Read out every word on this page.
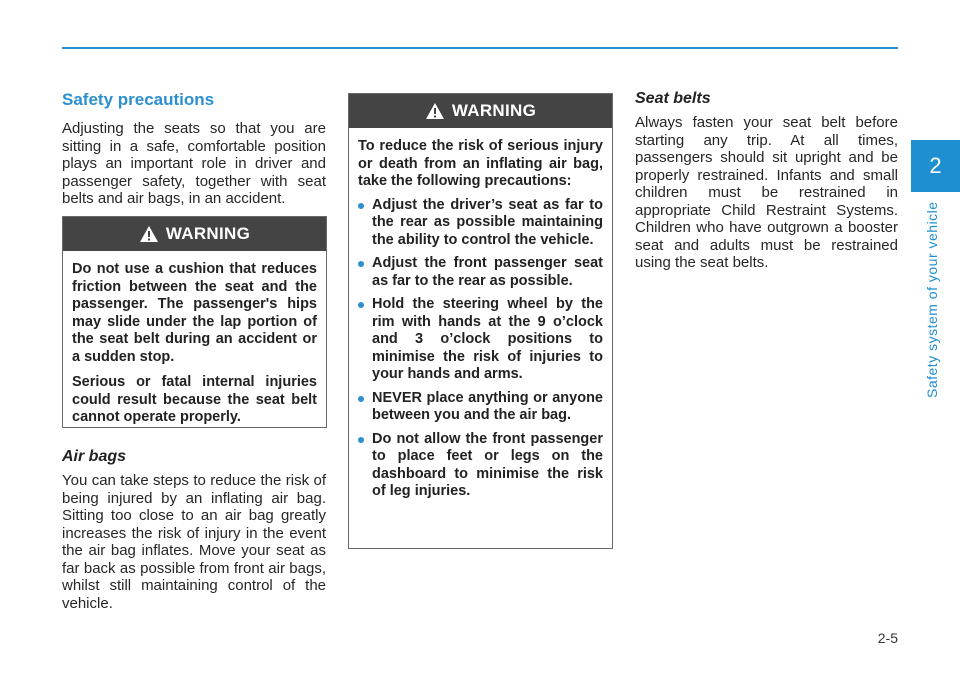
Safety precautions

Adjusting the seats so that you are sitting in a safe, comfortable position plays an important role in driver and passenger safety, together with seat belts and air bags, in an accident.

WARNING

Do not use a cushion that reduces friction between the seat and the passenger. The passenger's hips may slide under the lap portion of the seat belt during an accident or a sudden stop.

Serious or fatal internal injuries could result because the seat belt cannot operate properly.

Air bags

You can take steps to reduce the risk of being injured by an inflating air bag. Sitting too close to an air bag greatly increases the risk of injury in the event the air bag inflates. Move your seat as far back as possible from front air bags, whilst still maintaining control of the vehicle.

WARNING

To reduce the risk of serious injury or death from an inflating air bag, take the following precautions:

Adjust the driver’s seat as far to the rear as possible maintaining the ability to control the vehicle.
Adjust the front passenger seat as far to the rear as possible.
Hold the steering wheel by the rim with hands at the 9 o’clock and 3 o’clock positions to minimise the risk of injuries to your hands and arms.
NEVER place anything or anyone between you and the air bag.
Do not allow the front passenger to place feet or legs on the dashboard to minimise the risk of leg injuries.
Seat belts

Always fasten your seat belt before starting any trip. At all times, passengers should sit upright and be properly restrained. Infants and small children must be restrained in appropriate Child Restraint Systems. Children who have outgrown a booster seat and adults must be restrained using the seat belts.

2
Safety system of your vehicle
2-5
